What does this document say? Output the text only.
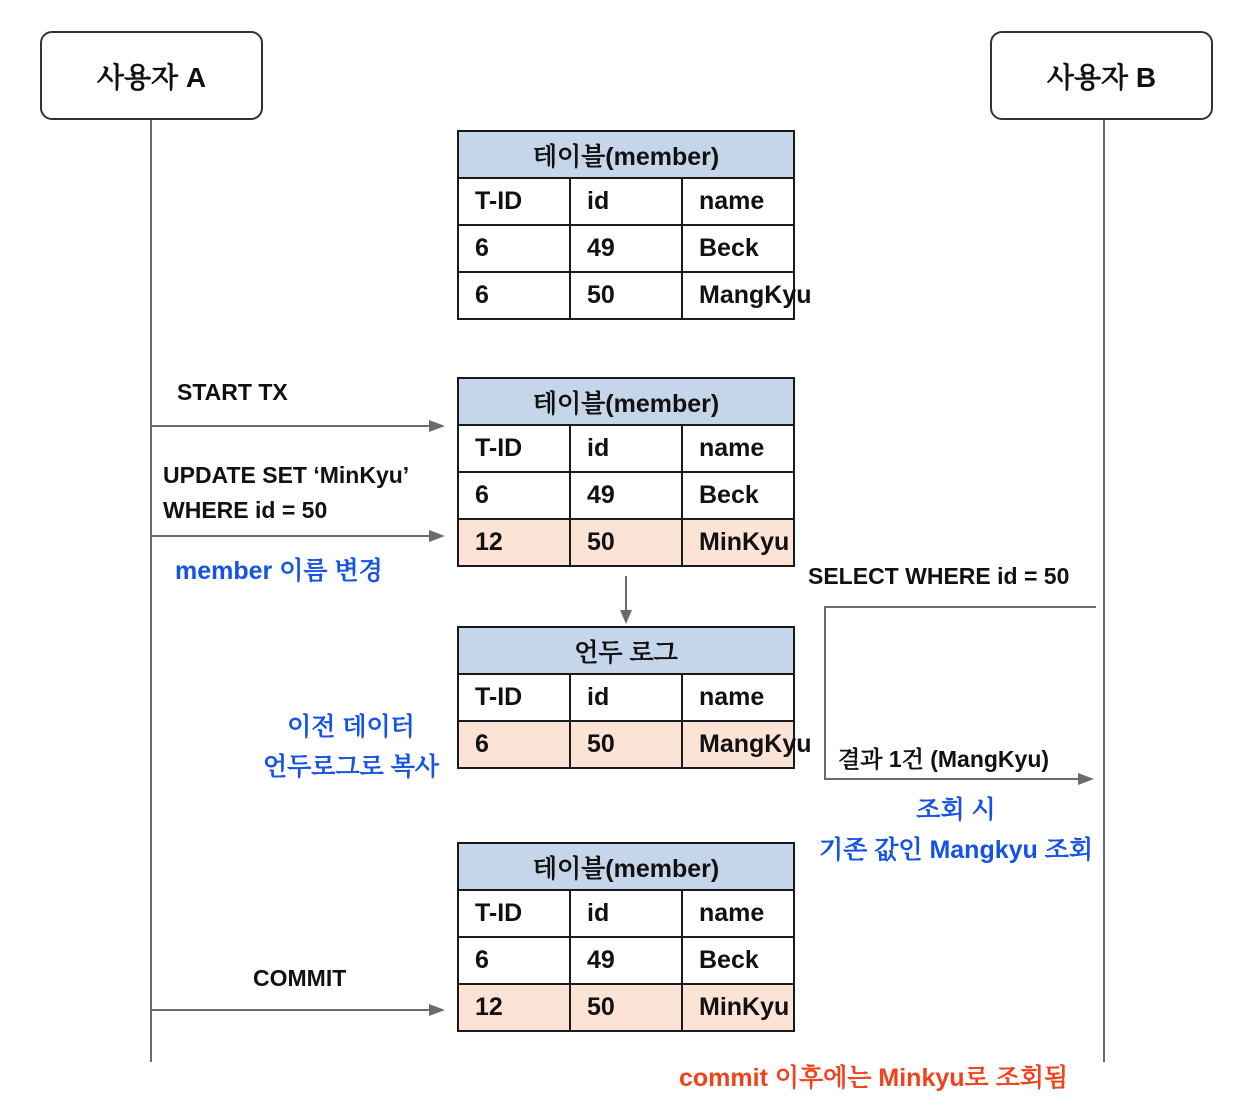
사용자 A	사용자 B
테이블(member)		
T-ID	id	name
6	49	Beck
6	50	MangKyu
테이블(member)		
T-ID	id	name
6	49	Beck
12	50	MinKyu
언두 로그		
T-ID	id	name
6	50	MangKyu
테이블(member)		
T-ID	id	name
6	49	Beck
12	50	MinKyu
START TX
UPDATE SET ‘MinKyu’
WHERE id = 50
member 이름 변경
이전 데이터
언두로그로 복사
SELECT WHERE id = 50
결과 1건 (MangKyu)
조회 시
기존 값인 Mangkyu 조회
COMMIT
commit 이후에는 Minkyu로 조회됨
